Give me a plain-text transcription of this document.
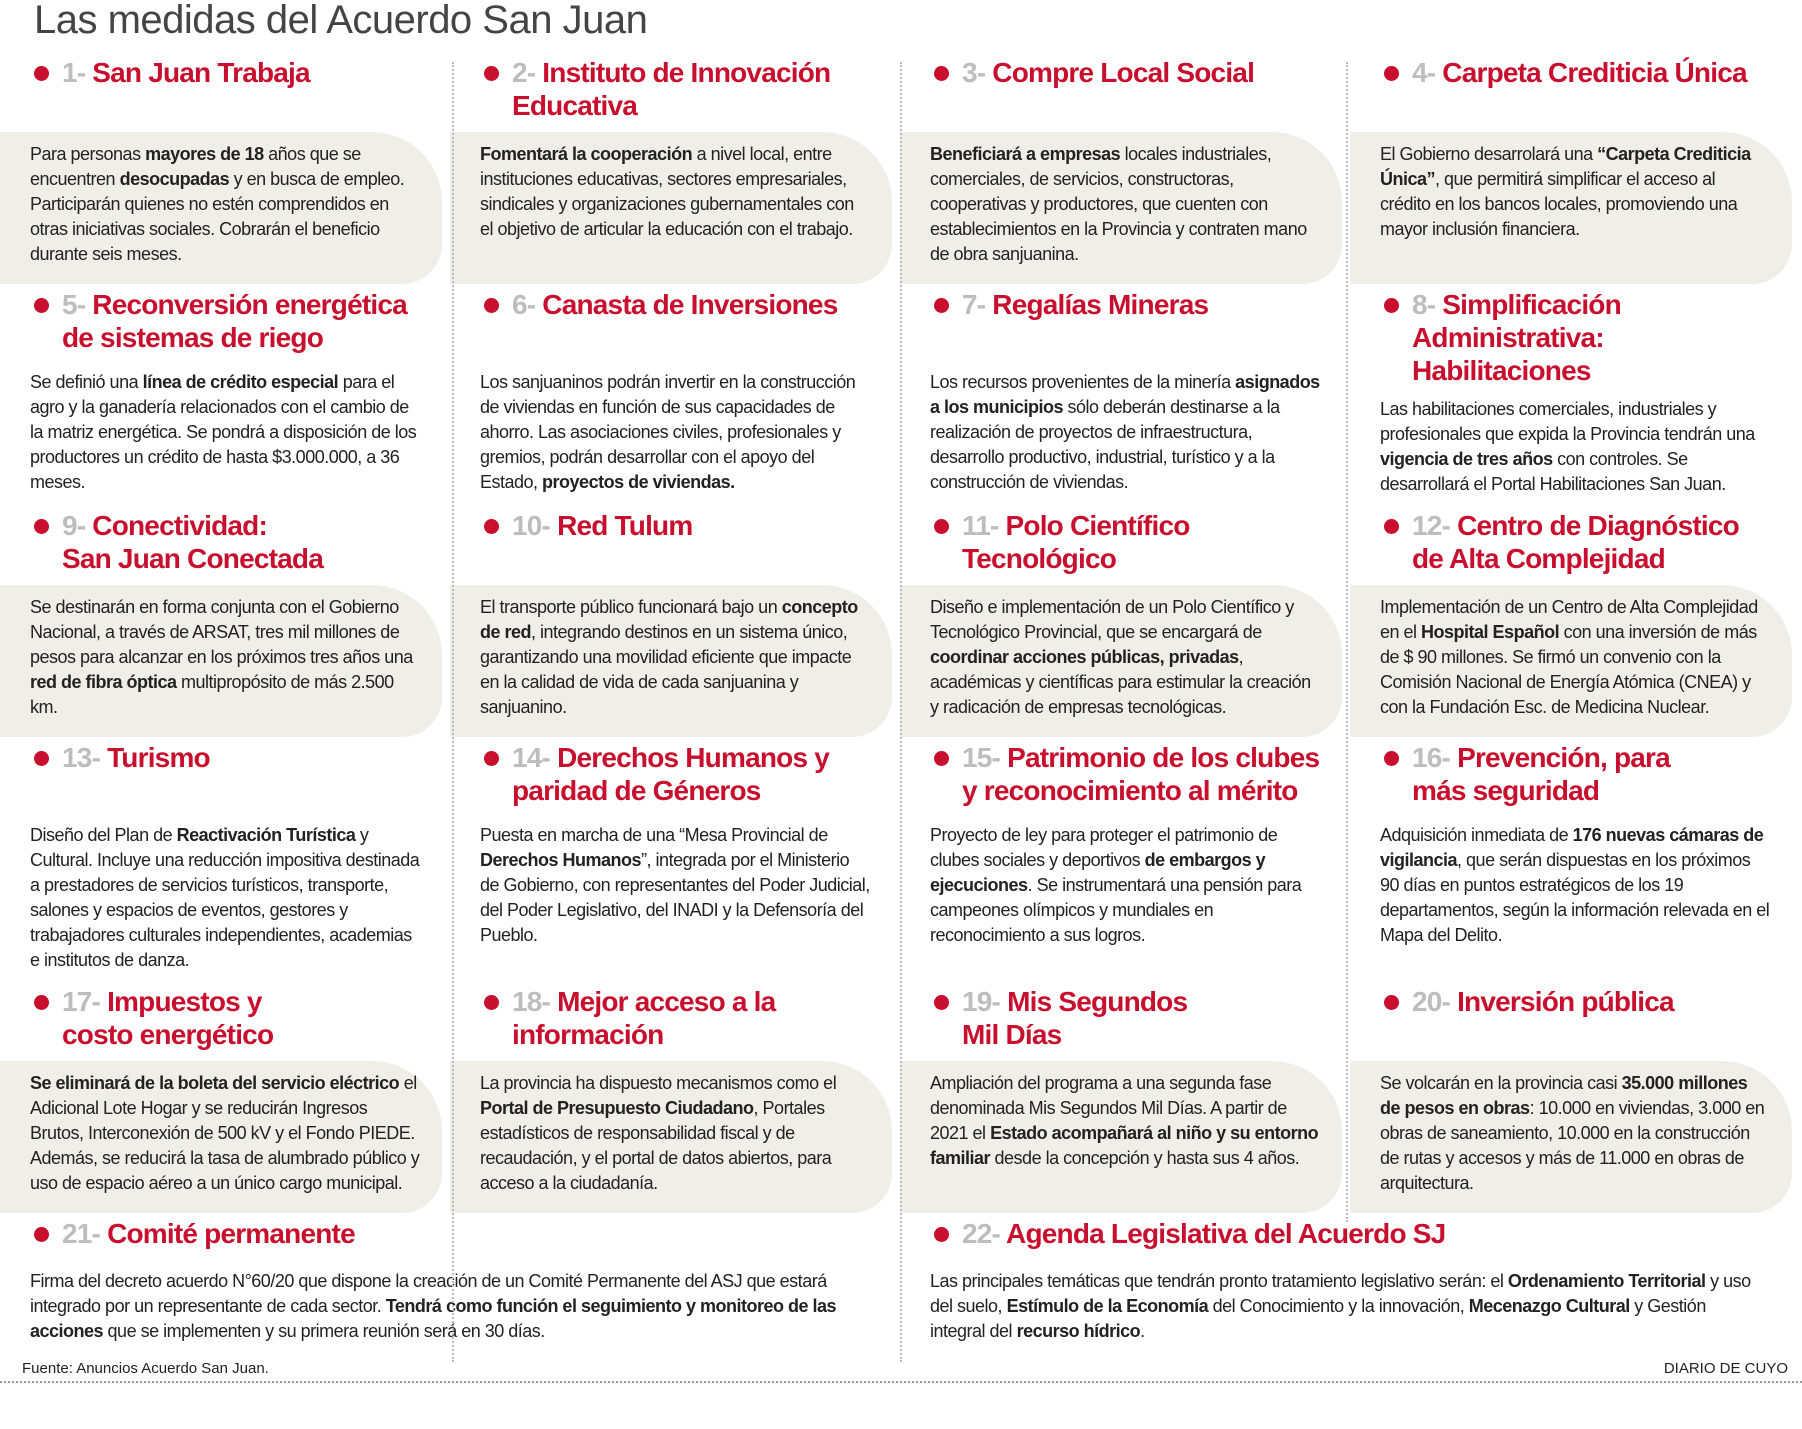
Las medidas del Acuerdo San Juan
1- San Juan Trabaja
Para personas mayores de 18 años que se encuentren desocupadas y en busca de empleo. Participarán quienes no estén comprendidos en otras iniciativas sociales. Cobrarán el beneficio durante seis meses.
2- Instituto de Innovación
Educativa
Fomentará la cooperación a nivel local, entre instituciones educativas, sectores empresariales, sindicales y organizaciones gubernamentales con el objetivo de articular la educación con el trabajo.
3- Compre Local Social
Beneficiará a empresas locales industriales, comerciales, de servicios, constructoras, cooperativas y productores, que cuenten con establecimientos en la Provincia y contraten mano de obra sanjuanina.
4- Carpeta Crediticia Única
El Gobierno desarrolará una “Carpeta Crediticia Única”, que permitirá simplificar el acceso al crédito en los bancos locales, promoviendo una mayor inclusión financiera.
5- Reconversión energética
de sistemas de riego
Se definió una línea de crédito especial para el agro y la ganadería relacionados con el cambio de la matriz energética. Se pondrá a disposición de los productores un crédito de hasta $3.000.000, a 36 meses.
6- Canasta de Inversiones
Los sanjuaninos podrán invertir en la construcción de viviendas en función de sus capacidades de ahorro. Las asociaciones civiles, profesionales y gremios, podrán desarrollar con el apoyo del Estado, proyectos de viviendas.
7- Regalías Mineras
Los recursos provenientes de la minería asignados a los municipios sólo deberán destinarse a la realización de proyectos de infraestructura, desarrollo productivo, industrial, turístico y a la construcción de viviendas.
8- Simplificación
Administrativa: Habilitaciones
Las habilitaciones comerciales, industriales y profesionales que expida la Provincia tendrán una vigencia de tres años con controles. Se desarrollará el Portal Habilitaciones San Juan.
9- Conectividad:
San Juan Conectada
Se destinarán en forma conjunta con el Gobierno Nacional, a través de ARSAT, tres mil millones de pesos para alcanzar en los próximos tres años una red de fibra óptica multipropósito de más 2.500 km.
10- Red Tulum
El transporte público funcionará bajo un concepto de red, integrando destinos en un sistema único, garantizando una movilidad eficiente que impacte en la calidad de vida de cada sanjuanina y sanjuanino.
11- Polo Científico
Tecnológico
Diseño e implementación de un Polo Científico y Tecnológico Provincial, que se encargará de coordinar acciones públicas, privadas, académicas y científicas para estimular la creación y radicación de empresas tecnológicas.
12- Centro de Diagnóstico
de Alta Complejidad
Implementación de un Centro de Alta Complejidad en el Hospital Español con una inversión de más de $ 90 millones. Se firmó un convenio con la Comisión Nacional de Energía Atómica (CNEA) y con la Fundación Esc. de Medicina Nuclear.
13- Turismo
Diseño del Plan de Reactivación Turística y Cultural. Incluye una reducción impositiva destinada a prestadores de servicios turísticos, transporte, salones y espacios de eventos, gestores y trabajadores culturales independientes, academias e institutos de danza.
14- Derechos Humanos y
paridad de Géneros
Puesta en marcha de una “Mesa Provincial de Derechos Humanos”, integrada por el Ministerio de Gobierno, con representantes del Poder Judicial, del Poder Legislativo, del INADI y la Defensoría del Pueblo.
15- Patrimonio de los clubes
y reconocimiento al mérito
Proyecto de ley para proteger el patrimonio de clubes sociales y deportivos de embargos y ejecuciones. Se instrumentará una pensión para campeones olímpicos y mundiales en reconocimiento a sus logros.
16- Prevención, para
más seguridad
Adquisición inmediata de 176 nuevas cámaras de vigilancia, que serán dispuestas en los próximos 90 días en puntos estratégicos de los 19 departamentos, según la información relevada en el Mapa del Delito.
17- Impuestos y
costo energético
Se eliminará de la boleta del servicio eléctrico el Adicional Lote Hogar y se reducirán Ingresos Brutos, Interconexión de 500 kV y el Fondo PIEDE. Además, se reducirá la tasa de alumbrado público y uso de espacio aéreo a un único cargo municipal.
18- Mejor acceso a la
información
La provincia ha dispuesto mecanismos como el Portal de Presupuesto Ciudadano, Portales estadísticos de responsabilidad fiscal y de recaudación, y el portal de datos abiertos, para acceso a la ciudadanía.
19- Mis Segundos
Mil Días
Ampliación del programa a una segunda fase denominada Mis Segundos Mil Días. A partir de 2021 el Estado acompañará al niño y su entorno familiar desde la concepción y hasta sus 4 años.
20- Inversión pública
Se volcarán en la provincia casi 35.000 millones de pesos en obras: 10.000 en viviendas, 3.000 en obras de saneamiento, 10.000 en la construcción de rutas y accesos y más de 11.000 en obras de arquitectura.
21- Comité permanente
Firma del decreto acuerdo N°60/20 que dispone la creación de un Comité Permanente del ASJ que estará integrado por un representante de cada sector. Tendrá como función el seguimiento y monitoreo de las acciones que se implementen y su primera reunión será en 30 días.
22- Agenda Legislativa del Acuerdo SJ
Las principales temáticas que tendrán pronto tratamiento legislativo serán: el Ordenamiento Territorial y uso del suelo, Estímulo de la Economía del Conocimiento y la innovación, Mecenazgo Cultural y Gestión integral del recurso hídrico.
Fuente: Anuncios Acuerdo San Juan.	DIARIO DE CUYO
